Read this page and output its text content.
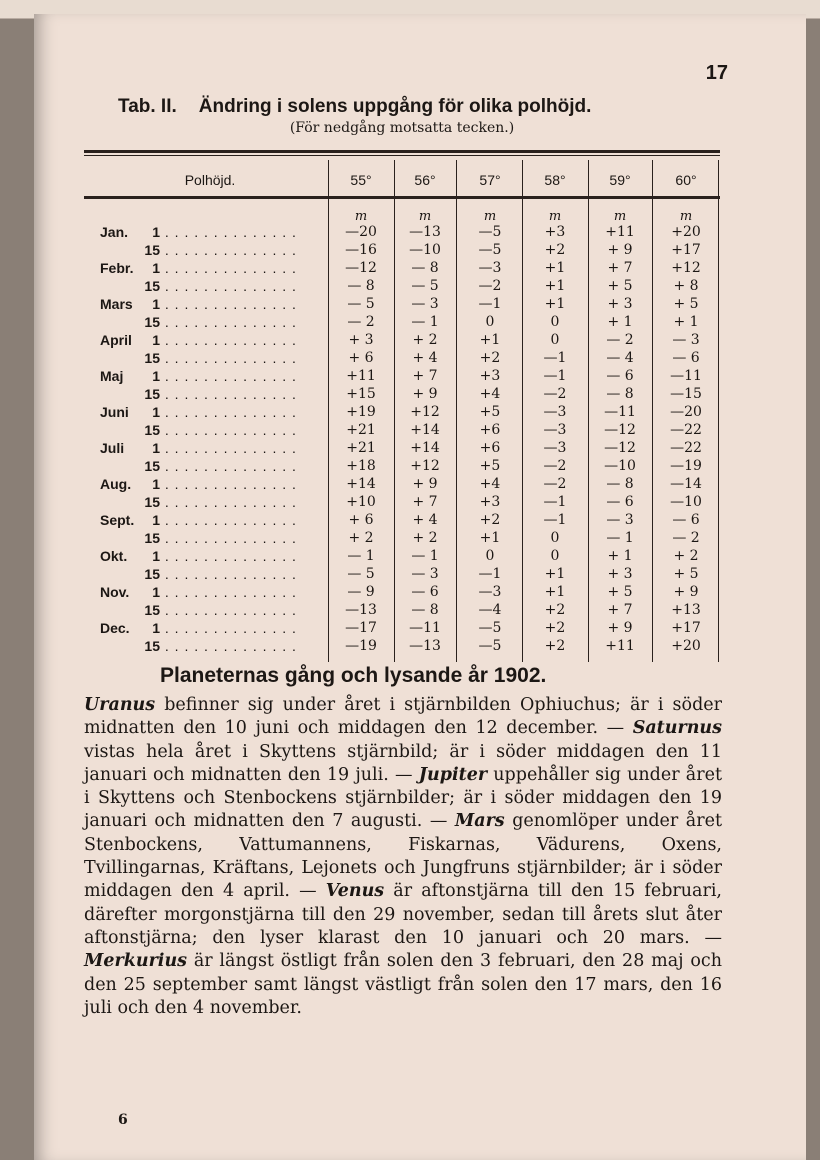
17
Tab. II. Ändring i solens uppgång för olika polhöjd.
(För nedgång motsatta tecken.)
Polhöjd.	55°	56°	57°	58°	59°	60°
m	m	m	m	m	m
Jan. 1 . . . . . . . . . . . . . .	—20	—13	—5	+3	+11	+20
15 . . . . . . . . . . . . . .	—16	—10	—5	+2	+ 9	+17
Febr. 1 . . . . . . . . . . . . . .	—12	— 8	—3	+1	+ 7	+12
15 . . . . . . . . . . . . . .	— 8	— 5	—2	+1	+ 5	+ 8
Mars 1 . . . . . . . . . . . . . .	— 5	— 3	—1	+1	+ 3	+ 5
15 . . . . . . . . . . . . . .	— 2	— 1	0	0	+ 1	+ 1
April 1 . . . . . . . . . . . . . .	+ 3	+ 2	+1	0	— 2	— 3
15 . . . . . . . . . . . . . .	+ 6	+ 4	+2	—1	— 4	— 6
Maj 1 . . . . . . . . . . . . . .	+11	+ 7	+3	—1	— 6	—11
15 . . . . . . . . . . . . . .	+15	+ 9	+4	—2	— 8	—15
Juni 1 . . . . . . . . . . . . . .	+19	+12	+5	—3	—11	—20
15 . . . . . . . . . . . . . .	+21	+14	+6	—3	—12	—22
Juli 1 . . . . . . . . . . . . . .	+21	+14	+6	—3	—12	—22
15 . . . . . . . . . . . . . .	+18	+12	+5	—2	—10	—19
Aug. 1 . . . . . . . . . . . . . .	+14	+ 9	+4	—2	— 8	—14
15 . . . . . . . . . . . . . .	+10	+ 7	+3	—1	— 6	—10
Sept. 1 . . . . . . . . . . . . . .	+ 6	+ 4	+2	—1	— 3	— 6
15 . . . . . . . . . . . . . .	+ 2	+ 2	+1	0	— 1	— 2
Okt. 1 . . . . . . . . . . . . . .	— 1	— 1	0	0	+ 1	+ 2
15 . . . . . . . . . . . . . .	— 5	— 3	—1	+1	+ 3	+ 5
Nov. 1 . . . . . . . . . . . . . .	— 9	— 6	—3	+1	+ 5	+ 9
15 . . . . . . . . . . . . . .	—13	— 8	—4	+2	+ 7	+13
Dec. 1 . . . . . . . . . . . . . .	—17	—11	—5	+2	+ 9	+17
15 . . . . . . . . . . . . . .	—19	—13	—5	+2	+11	+20
Planeternas gång och lysande år 1902.
Uranus befinner sig under året i stjärnbilden Ophiuchus; är i söder midnatten den 10 juni och middagen den 12 december. — Saturnus vistas hela året i Skyttens stjärnbild; är i söder middagen den 11 januari och midnatten den 19 juli. — Jupiter uppehåller sig under året i Skyttens och Stenbockens stjärnbilder; är i söder middagen den 19 januari och midnatten den 7 augusti. — Mars genomlöper under året Stenbockens, Vattumannens, Fiskarnas, Vädurens, Oxens, Tvillingarnas, Kräftans, Lejonets och Jungfruns stjärnbilder; är i söder middagen den 4 april. — Venus är aftonstjärna till den 15 februari, därefter morgonstjärna till den 29 november, sedan till årets slut åter aftonstjärna; den lyser klarast den 10 januari och 20 mars. — Merkurius är längst östligt från solen den 3 februari, den 28 maj och den 25 september samt längst västligt från solen den 17 mars, den 16 juli och den 4 november.
6
